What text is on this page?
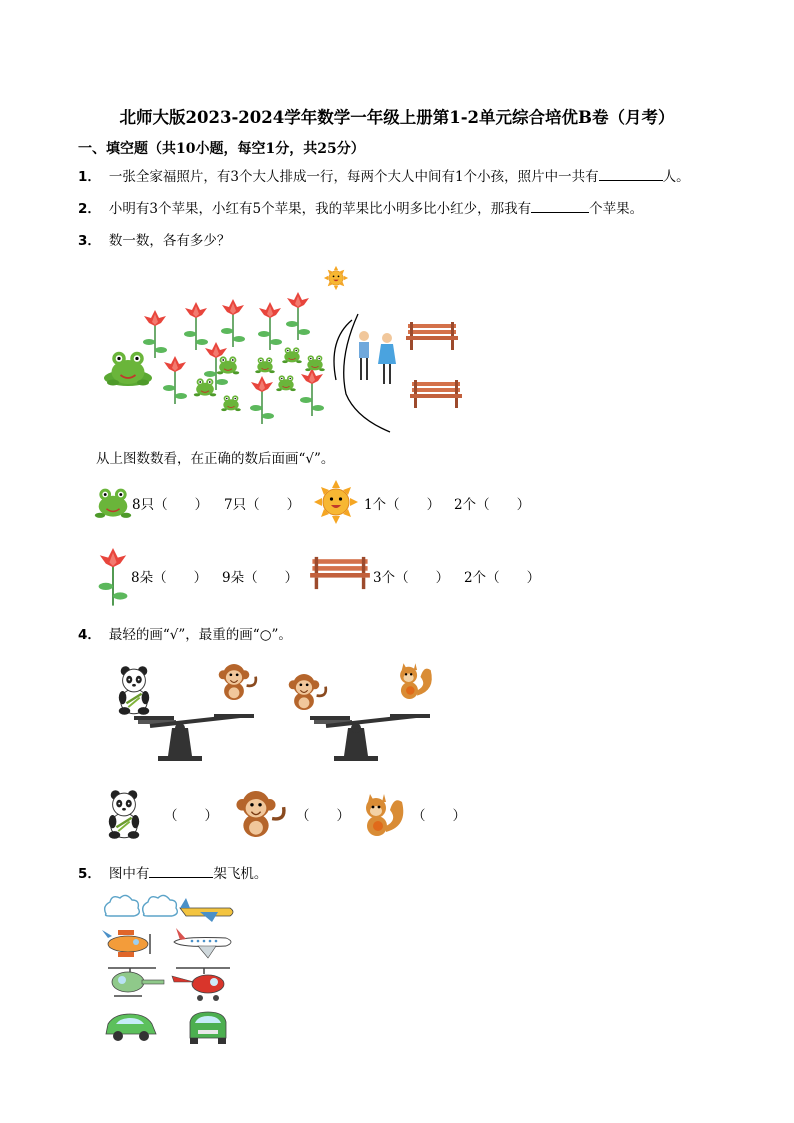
北师大版2023-2024学年数学一年级上册第1-2单元综合培优B卷（月考）
一、填空题（共10小题，每空1分，共25分）
1． 一张全家福照片，有3个大人排成一行，每两个大人中间有1个小孩，照片中一共有	人。
2． 小明有3个苹果，小红有5个苹果，我的苹果比小明多比小红少，那我有	个苹果。
3． 数一数，各有多少？
从上图数数看，在正确的数后面画“√”。
8只（　　） 7只（　　）	1个（　　） 2个（　　）
8朵（　　） 9朵（　　）	3个（　　） 2个（　　）
4． 最轻的画“√”，最重的画“○”。
（　　）	（　　）	（　　）
5． 图中有	架飞机。
